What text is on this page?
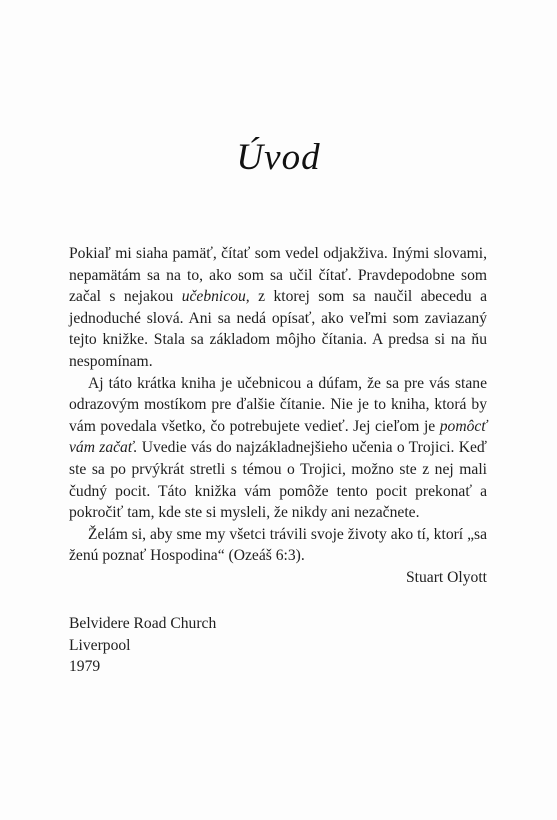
Úvod

Pokiaľ mi siaha pamäť, čítať som vedel odjakživa. Inými slovami, nepamätám sa na to, ako som sa učil čítať. Pravdepodobne som začal s nejakou učebnicou, z ktorej som sa naučil abecedu a jednoduché slová. Ani sa nedá opísať, ako veľmi som zaviazaný tejto knižke. Stala sa základom môjho čítania. A predsa si na ňu nespomínam.

Aj táto krátka kniha je učebnicou a dúfam, že sa pre vás stane odrazovým mostíkom pre ďalšie čítanie. Nie je to kniha, ktorá by vám povedala všetko, čo potrebujete vedieť. Jej cieľom je pomôcť vám začať. Uvedie vás do najzákladnejšieho učenia o Trojici. Keď ste sa po prvýkrát stretli s témou o Trojici, možno ste z nej mali čudný pocit. Táto knižka vám pomôže tento pocit prekonať a pokročiť tam, kde ste si mysleli, že nikdy ani nezačnete.

Želám si, aby sme my všetci trávili svoje životy ako tí, ktorí „sa ženú poznať Hospodina“ (Ozeáš 6:3).

Stuart Olyott
Belvidere Road Church
Liverpool
1979
